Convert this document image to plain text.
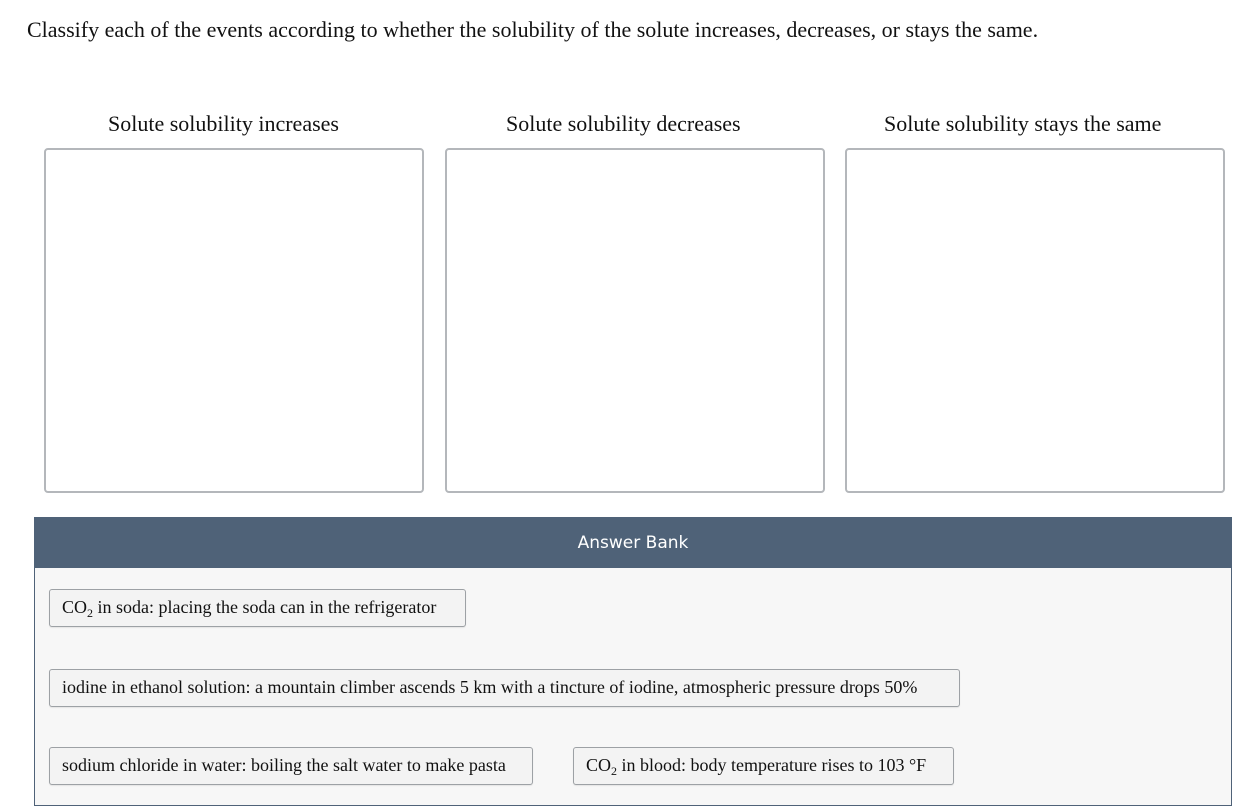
Classify each of the events according to whether the solubility of the solute increases, decreases, or stays the same.

Solute solubility increases	Solute solubility decreases	Solute solubility stays the same
Answer Bank
$CO_2$ in soda: placing the soda can in the refrigerator
iodine in ethanol solution: a mountain climber ascends 5 km with a tincture of iodine, atmospheric pressure drops 50%
sodium chloride in water: boiling the salt water to make pasta	$CO_2$ in blood: body temperature rises to 103 °F
